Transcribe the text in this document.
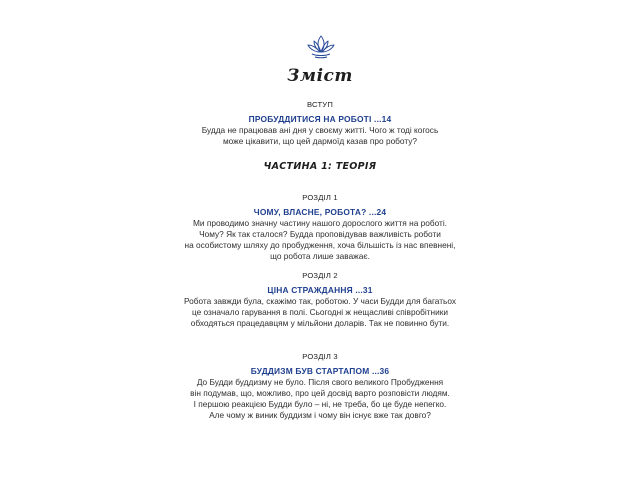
Зміст
ВСТУП
ПРОБУДДИТИСЯ НА РОБОТІ ...14
Будда не працював ані дня у своєму житті. Чого ж тоді когось
може цікавити, що цей дармоїд казав про роботу?
ЧАСТИНА 1: ТЕОРІЯ
РОЗДІЛ 1
ЧОМУ, ВЛАСНЕ, РОБОТА? ...24
Ми проводимо значну частину нашого дорослого життя на роботі.
Чому? Як так сталося? Будда проповідував важливість роботи
на особистому шляху до пробудження, хоча більшість із нас впевнені,
що робота лише заважає.
РОЗДІЛ 2
ЦІНА СТРАЖДАННЯ ...31
Робота завжди була, скажімо так, роботою. У часи Будди для багатьох
це означало гарування в полі. Сьогодні ж нещасливі співробітники
обходяться працедавцям у мільйони доларів. Так не повинно бути.
РОЗДІЛ 3
БУДДИЗМ БУВ СТАРТАПОМ ...36
До Будди буддизму не було. Після свого великого Пробудження
він подумав, що, можливо, про цей досвід варто розповісти людям.
І першою реакцією Будди було – ні, не треба, бо це буде непегко.
Але чому ж виник буддизм і чому він існує вже так довго?
